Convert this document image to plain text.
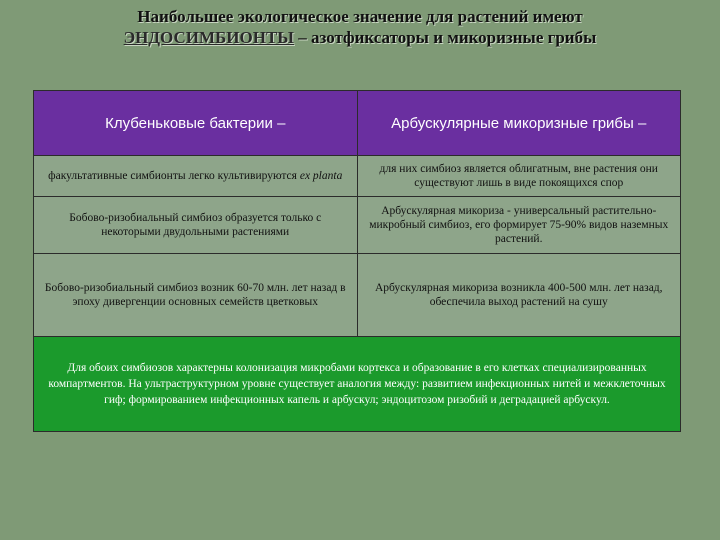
Наибольшее экологическое значение для растений имеют
ЭНДОСИМБИОНТЫ – азотфиксаторы и микоризные грибы
Клубеньковые бактерии –	Арбускулярные микоризные грибы –
факультативные симбионты легко культивируются ex planta	для них симбиоз является облигатным, вне растения они существуют лишь в виде покоящихся спор
Бобово-ризобиальный симбиоз образуется только с некоторыми двудольными растениями	Арбускулярная микориза - универсальный растительно-микробный симбиоз, его формирует 75-90% видов наземных растений.
Бобово-ризобиальный симбиоз возник 60-70 млн. лет назад в эпоху дивергенции основных семейств цветковых	Арбускулярная микориза возникла 400-500 млн. лет назад, обеспечила выход растений на сушу
Для обоих симбиозов характерны колонизация микробами кортекса и образование в его клетках специализированных компартментов. На ультраструктурном уровне существует аналогия между: развитием инфекционных нитей и межклеточных гиф; формированием инфекционных капель и арбускул; эндоцитозом ризобий и деградацией арбускул.	
